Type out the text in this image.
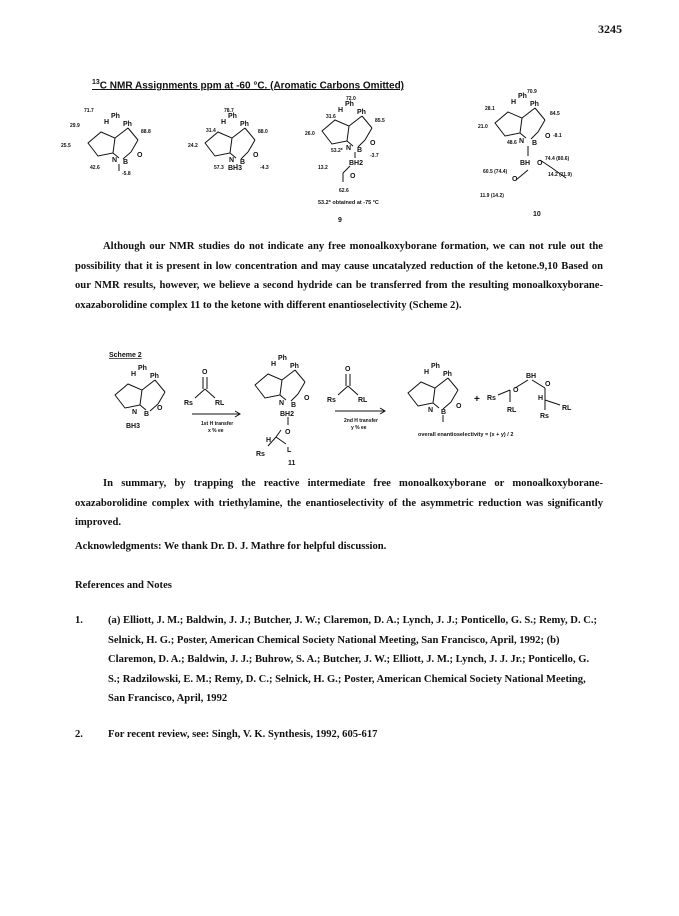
3245
$^{13}$C NMR Assignments ppm at -60 °C. (Aromatic Carbons Omitted)
71.7
29.9
25.5
88.8
42.6
-5.8
H
Ph
Ph
N B
O
78.7
31.4
24.2
88.0
57.3	-4.3
H
Ph
Ph
N B
O
BH3
72.0
31.6
26.0
85.5
53.2*
-3.7
13.2
62.6
53.2* obtained at -75 °C
9
H
Ph
Ph
N B
O
BH2
O
70.9
28.1
21.0
84.5
-8.1
48.6
74.4 (80.6)
60.5 (74.4)	14.2 (11.9)
11.9 (14.2)
10
H
Ph
Ph
N B
O
BH O
O
Scheme 2
H
Ph
Ph
N B
O
BH3
O
Rs	RL
1st H transfer
x % ee
H
Ph
Ph
N B
O
BH2
O
H
Rs
L
11
O
Rs	RL
2nd H transfer
y % ee
H
Ph
Ph
N B
O
+ Rs
O
BH
O
RL
H
RL
Rs
overall enantioselectivity = (x + y) / 2
Although our NMR studies do not indicate any free monoalkoxyborane formation, we can not rule out the possibility that it is present in low concentration and may cause uncatalyzed reduction of the ketone.9,10 Based on our NMR results, however, we believe a second hydride can be transferred from the resulting monoalkoxyborane-oxazaborolidine complex 11 to the ketone with different enantioselectivity (Scheme 2).
In summary, by trapping the reactive intermediate free monoalkoxyborane or monoalkoxyborane-oxazaborolidine complex with triethylamine, the enantioselectivity of the asymmetric reduction was significantly improved.
Acknowledgments: We thank Dr. D. J. Mathre for helpful discussion.
References and Notes
1. (a) Elliott, J. M.; Baldwin, J. J.; Butcher, J. W.; Claremon, D. A.; Lynch, J. J.; Ponticello, G. S.; Remy, D. C.; Selnick, H. G.; Poster, American Chemical Society National Meeting, San Francisco, April, 1992; (b) Claremon, D. A.; Baldwin, J. J.; Buhrow, S. A.; Butcher, J. W.; Elliott, J. M.; Lynch, J. J. Jr.; Ponticello, G. S.; Radzilowski, E. M.; Remy, D. C.; Selnick, H. G.; Poster, American Chemical Society National Meeting, San Francisco, April, 1992
2. For recent review, see: Singh, V. K. Synthesis, 1992, 605-617
